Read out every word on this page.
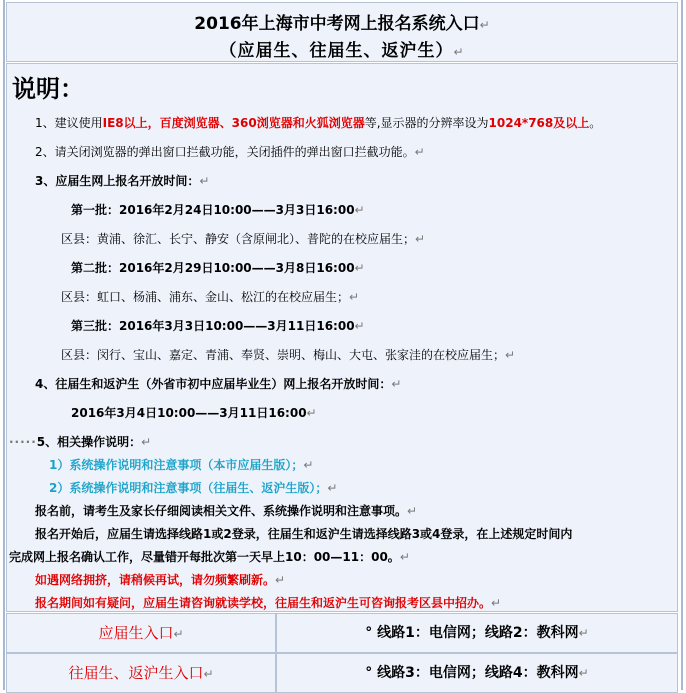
2016年上海市中考网上报名系统入口↵
（应届生、往届生、返沪生）↵
说明：
1、建议使用IE8以上，百度浏览器、360浏览器和火狐浏览器等,显示器的分辨率设为1024*768及以上。
2、请关闭浏览器的弹出窗口拦截功能，关闭插件的弹出窗口拦截功能。↵
3、应届生网上报名开放时间：↵
第一批：2016年2月24日10:00——3月3日16:00↵
区县：黄浦、徐汇、长宁、静安（含原闸北）、普陀的在校应届生；↵
第二批：2016年2月29日10:00——3月8日16:00↵
区县：虹口、杨浦、浦东、金山、松江的在校应届生；↵
第三批：2016年3月3日10:00——3月11日16:00↵
区县：闵行、宝山、嘉定、青浦、奉贤、崇明、梅山、大屯、张家洼的在校应届生；↵
4、往届生和返沪生（外省市初中应届毕业生）网上报名开放时间：↵
2016年3月4日10:00——3月11日16:00↵
·····5、相关操作说明：↵
1）系统操作说明和注意事项（本市应届生版）；↵
2）系统操作说明和注意事项（往届生、返沪生版）；↵
报名前，请考生及家长仔细阅读相关文件、系统操作说明和注意事项。↵
报名开始后，应届生请选择线路1或2登录，往届生和返沪生请选择线路3或4登录，在上述规定时间内
完成网上报名确认工作，尽量错开每批次第一天早上10：00—11：00。↵
如遇网络拥挤，请稍候再试，请勿频繁刷新。↵
报名期间如有疑问，应届生请咨询就读学校，往届生和返沪生可咨询报考区县中招办。↵
应届生入口↵	° 线路1：电信网；线路2：教科网↵
往届生、返沪生入口↵	° 线路3：电信网；线路4：教科网↵
